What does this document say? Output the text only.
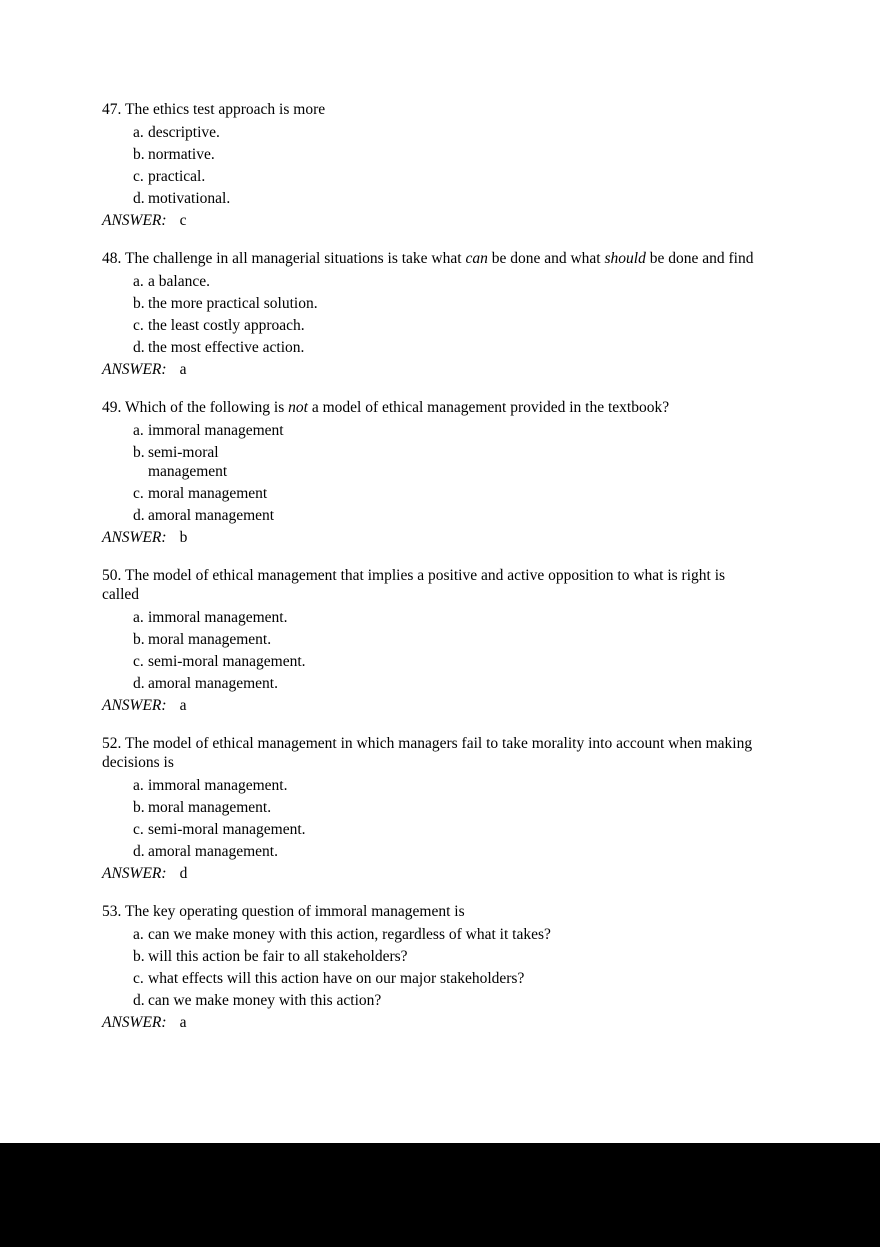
47. The ethics test approach is more
a. descriptive.
b. normative.
c. practical.
d. motivational.
ANSWER: c
48. The challenge in all managerial situations is take what can be done and what should be done and find
a. a balance.
b. the more practical solution.
c. the least costly approach.
d. the most effective action.
ANSWER: a
49. Which of the following is not a model of ethical management provided in the textbook?
a. immoral management
b. semi-moral
management
c. moral management
d. amoral management
ANSWER: b
50. The model of ethical management that implies a positive and active opposition to what is right is
called
a. immoral management.
b. moral management.
c. semi-moral management.
d. amoral management.
ANSWER: a
52. The model of ethical management in which managers fail to take morality into account when making
decisions is
a. immoral management.
b. moral management.
c. semi-moral management.
d. amoral management.
ANSWER: d
53. The key operating question of immoral management is
a. can we make money with this action, regardless of what it takes?
b. will this action be fair to all stakeholders?
c. what effects will this action have on our major stakeholders?
d. can we make money with this action?
ANSWER: a
